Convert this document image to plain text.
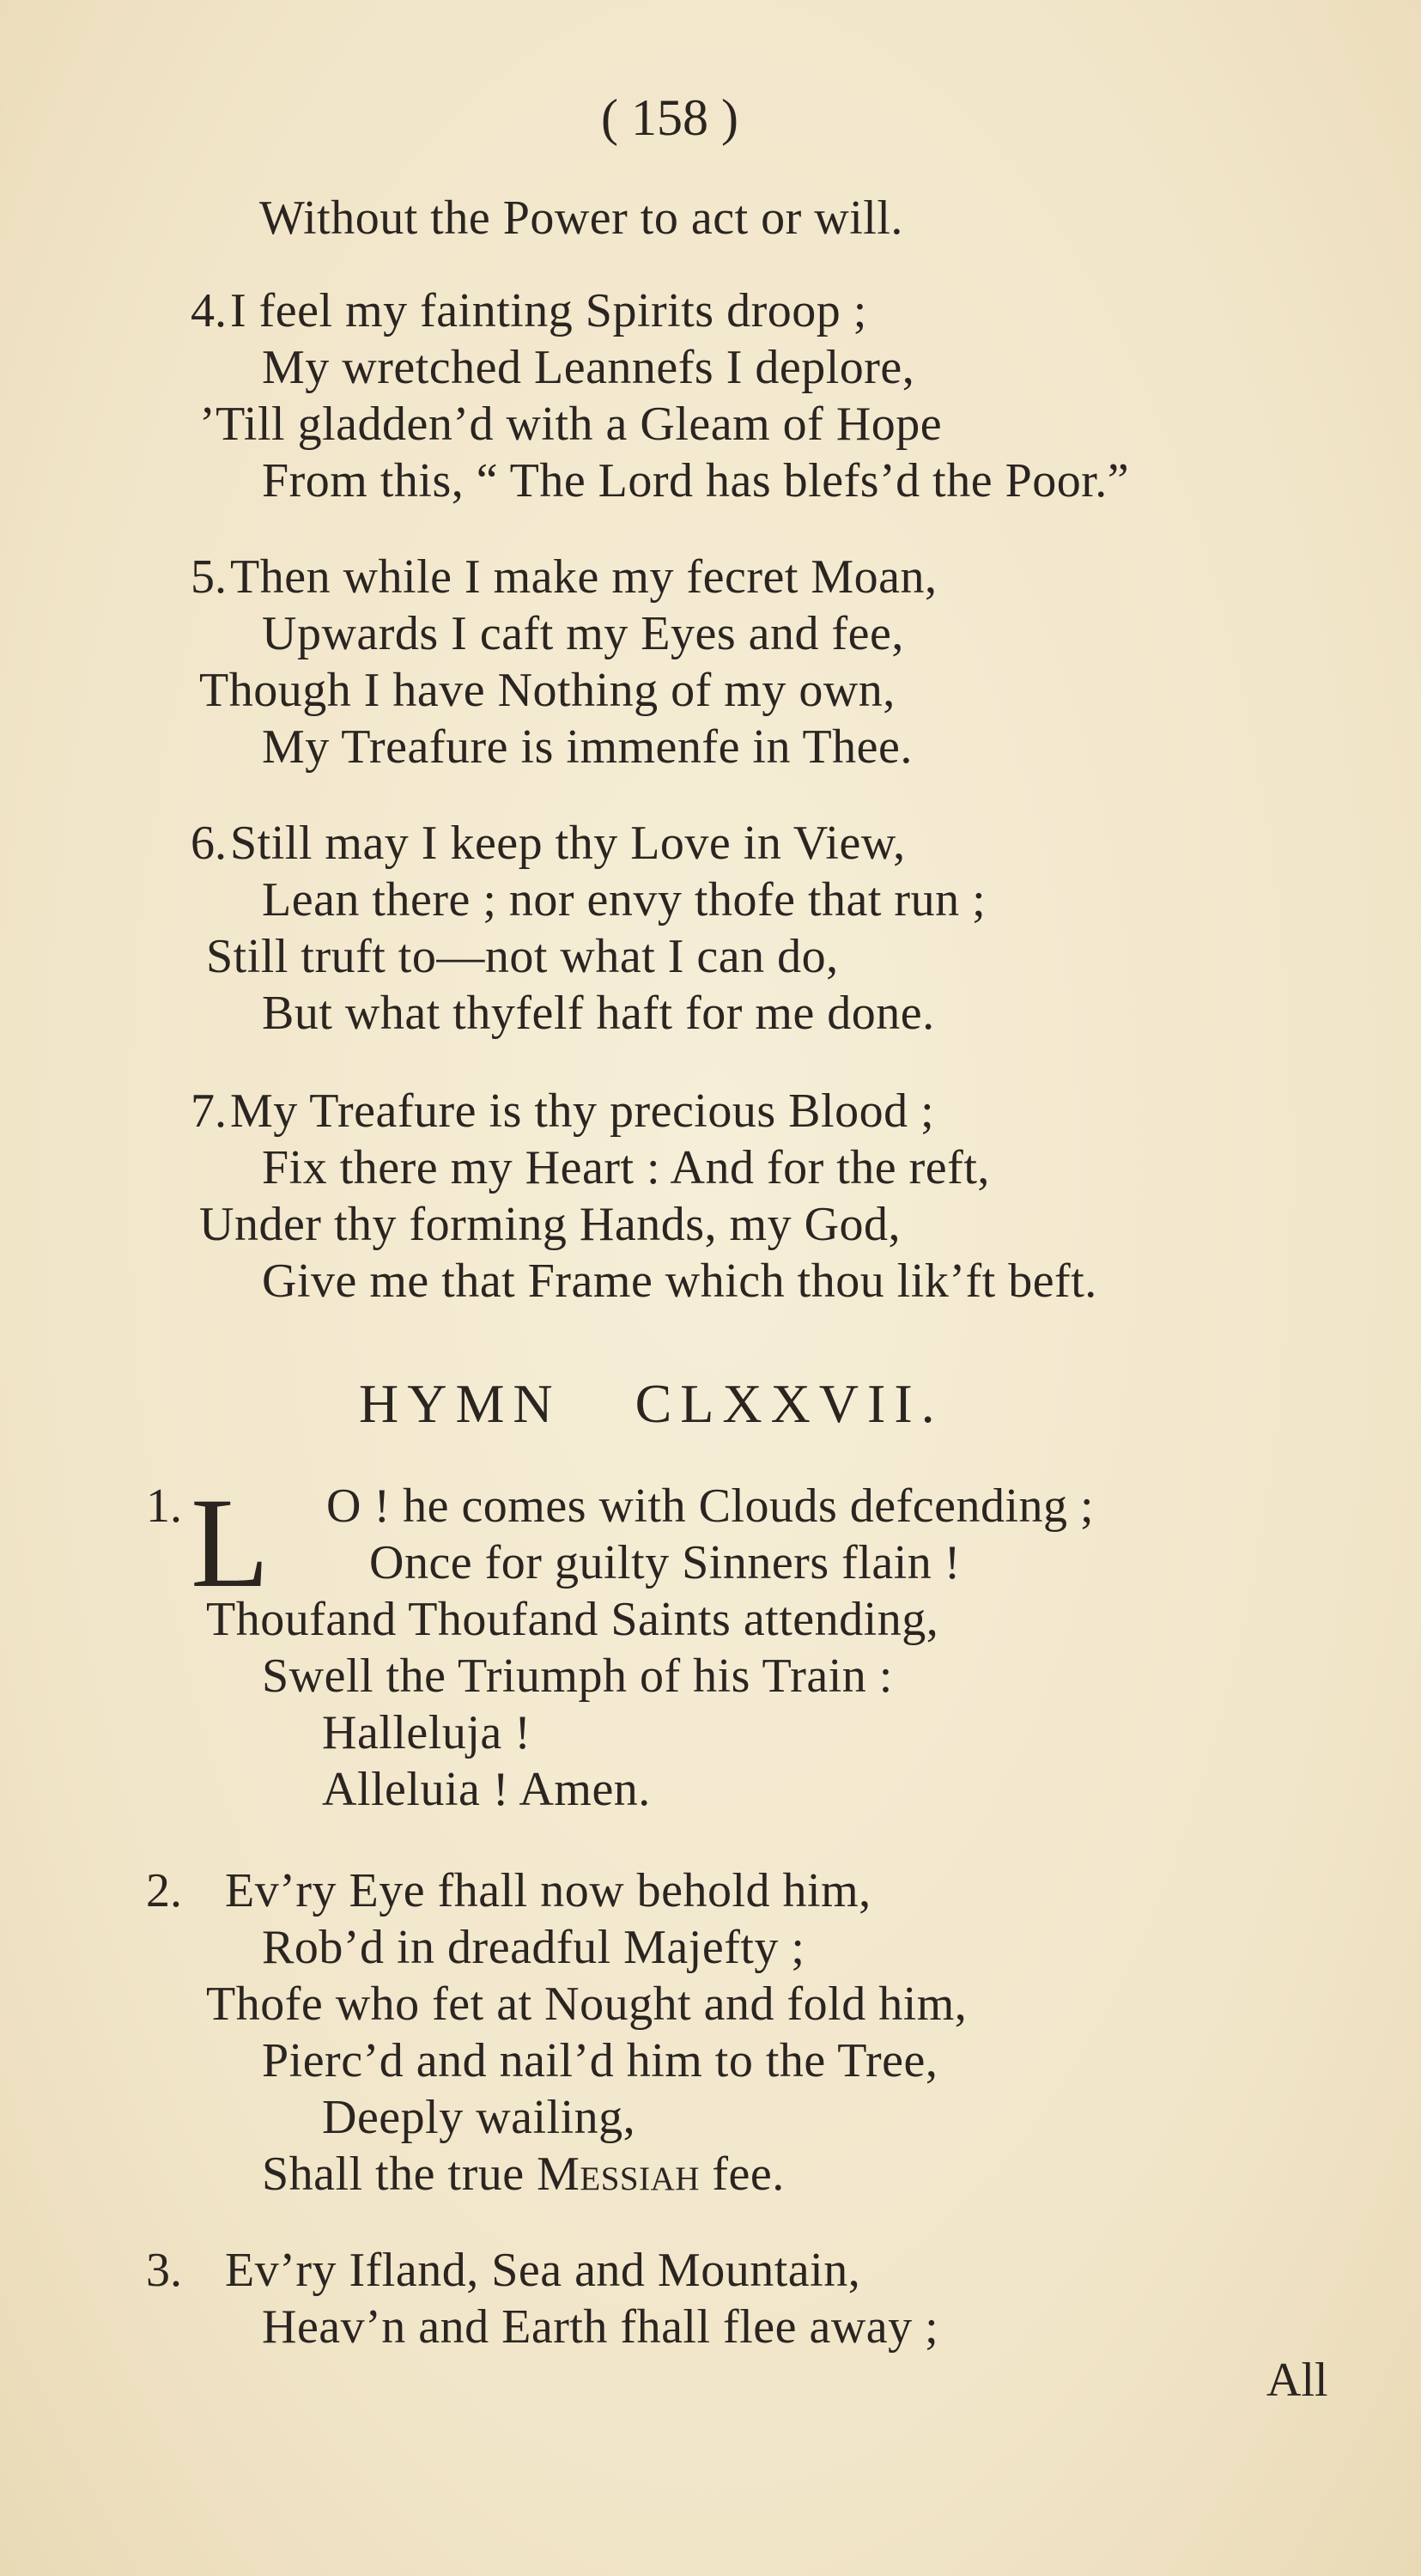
( 158 )
Without the Power to act or will.
4. I feel my fainting Spirits droop ;
My wretched Leannefs I deplore,
’Till gladden’d with a Gleam of Hope
From this, “ The Lord has blefs’d the Poor.”
5. Then while I make my fecret Moan,
Upwards I caft my Eyes and fee,
Though I have Nothing of my own,
My Treafure is immenfe in Thee.
6. Still may I keep thy Love in View,
Lean there ; nor envy thofe that run ;
Still truft to—not what I can do,
But what thyfelf haft for me done.
7. My Treafure is thy precious Blood ;
Fix there my Heart : And for the reft,
Under thy forming Hands, my God,
Give me that Frame which thou lik’ft beft.
HYMN CLXXVII.
1. L O ! he comes with Clouds defcending ;
Once for guilty Sinners flain !
Thoufand Thoufand Saints attending,
Swell the Triumph of his Train :
Halleluja !
Alleluia ! Amen.
2. Ev’ry Eye fhall now behold him,
Rob’d in dreadful Majefty ;
Thofe who fet at Nought and fold him,
Pierc’d and nail’d him to the Tree,
Deeply wailing,
Shall the true Messiah fee.
3. Ev’ry Ifland, Sea and Mountain,
Heav’n and Earth fhall flee away ;
All
